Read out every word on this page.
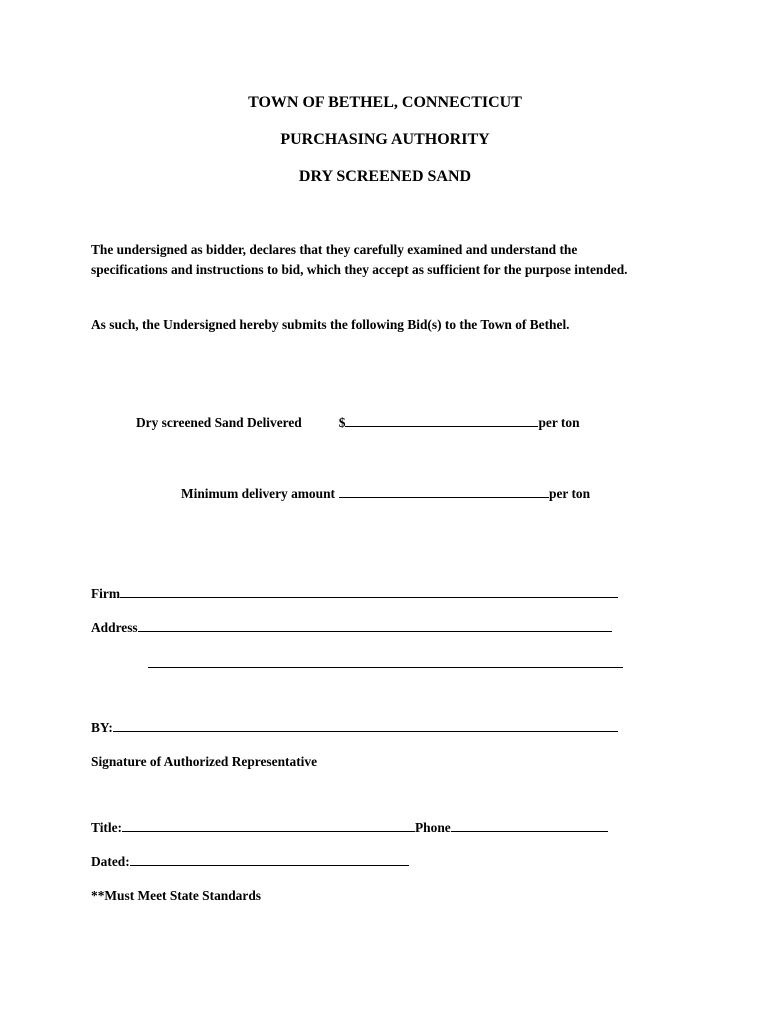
TOWN OF BETHEL, CONNECTICUT
PURCHASING AUTHORITY
DRY SCREENED SAND
The undersigned as bidder, declares that they carefully examined and understand the specifications and instructions to bid, which they accept as sufficient for the purpose intended.
As such, the Undersigned hereby submits the following Bid(s) to the Town of Bethel.
Dry screened Sand Delivered	$	per ton
Minimum delivery amount	per ton
Firm
Address
BY:
Signature of Authorized Representative
Title:	Phone
Dated:
**Must Meet State Standards
